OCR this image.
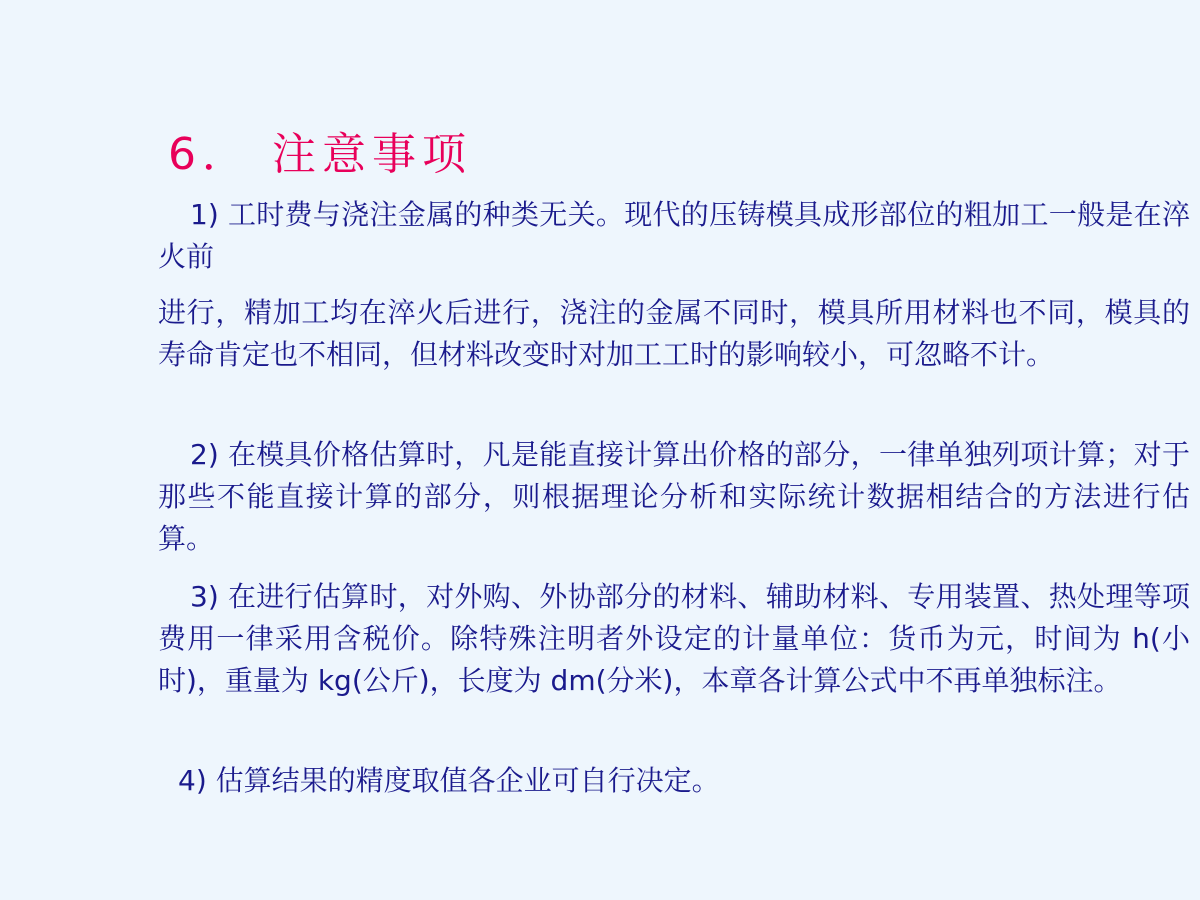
6． 注意事项

1) 工时费与浇注金属的种类无关。现代的压铸模具成形部位的粗加工一般是在淬火前

进行，精加工均在淬火后进行，浇注的金属不同时，模具所用材料也不同，模具的寿命肯定也不相同，但材料改变时对加工工时的影响较小，可忽略不计。

2) 在模具价格估算时，凡是能直接计算出价格的部分，一律单独列项计算；对于那些不能直接计算的部分，则根据理论分析和实际统计数据相结合的方法进行估算。

3) 在进行估算时，对外购、外协部分的材料、辅助材料、专用装置、热处理等项费用一律采用含税价。除特殊注明者外设定的计量单位：货币为元，时间为 h(小时)，重量为 kg(公斤)，长度为 dm(分米)，本章各计算公式中不再单独标注。

4) 估算结果的精度取值各企业可自行决定。
